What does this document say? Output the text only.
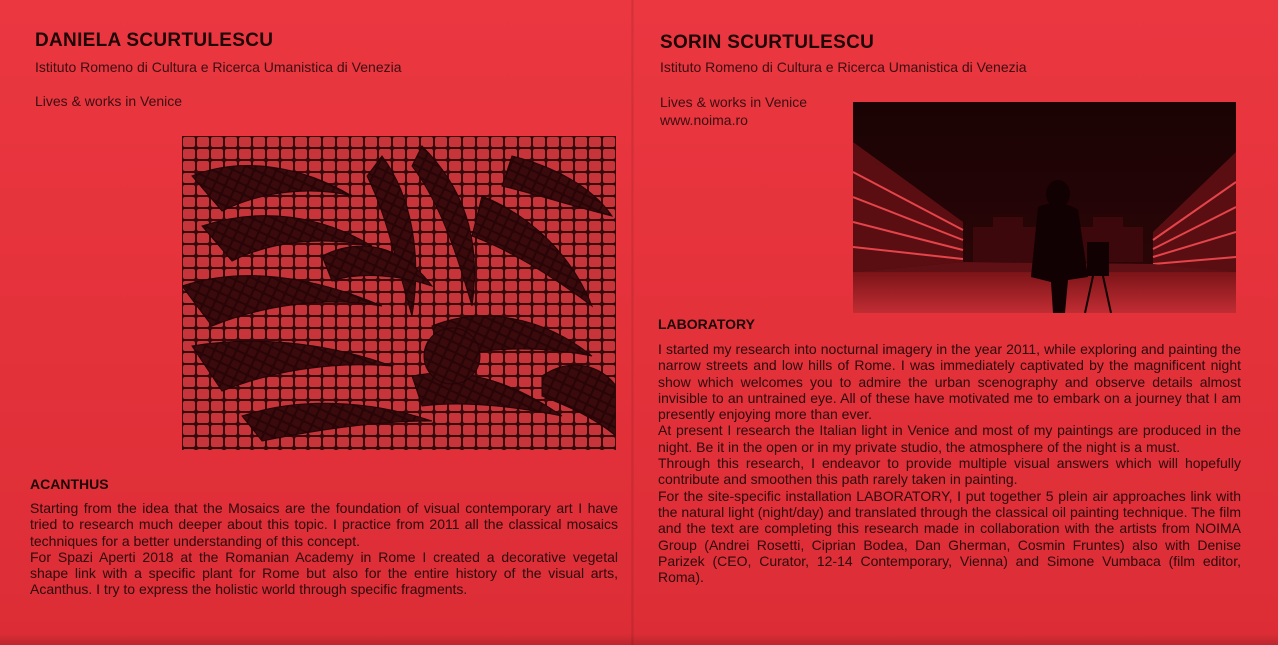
DANIELA SCURTULESCU
Istituto Romeno di Cultura e Ricerca Umanistica di Venezia
Lives & works in Venice
ACANTHUS

Starting from the idea that the Mosaics are the foundation of visual contemporary art I have tried to research much deeper about this topic. I practice from 2011 all the classical mosaics techniques for a better understanding of this concept.

For Spazi Aperti 2018 at the Romanian Academy in Rome I created a decorative vegetal shape link with a specific plant for Rome but also for the entire history of the visual arts, Acanthus. I try to express the holistic world through specific fragments.

SORIN SCURTULESCU
Istituto Romeno di Cultura e Ricerca Umanistica di Venezia
Lives & works in Venice
www.noima.ro
LABORATORY

I started my research into nocturnal imagery in the year 2011, while exploring and painting the narrow streets and low hills of Rome. I was immediately captivated by the magnificent night show which welcomes you to admire the urban scenography and observe details almost invisible to an untrained eye. All of these have motivated me to embark on a journey that I am presently enjoying more than ever.

At present I research the Italian light in Venice and most of my paintings are produced in the night. Be it in the open or in my private studio, the atmosphere of the night is a must.

Through this research, I endeavor to provide multiple visual answers which will hopefully contribute and smoothen this path rarely taken in painting.

For the site-specific installation LABORATORY, I put together 5 plein air approaches link with the natural light (night/day) and translated through the classical oil painting technique. The film and the text are completing this research made in collaboration with the artists from NOIMA Group (Andrei Rosetti, Ciprian Bodea, Dan Gherman, Cosmin Fruntes) also with Denise Parizek (CEO, Curator, 12-14 Contemporary, Vienna) and Simone Vumbaca (film editor, Roma).
